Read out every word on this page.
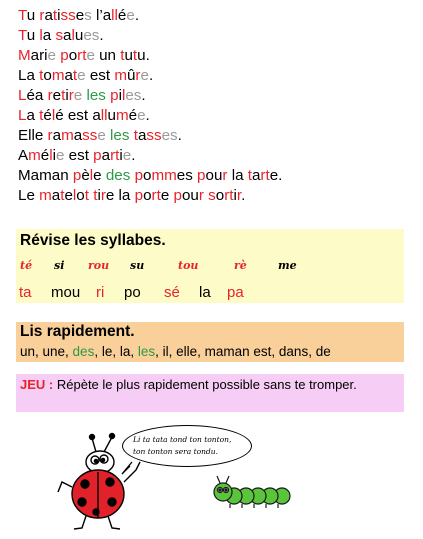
Tu ratisses l’allée.
Tu la salues.
Marie porte un tutu.
La tomate est mûre.
Léa retire les piles.
La télé est allumée.
Elle ramasse les tasses.
Amélie est partie.
Maman pèle des pommes pour la tarte.
Le matelot tire la porte pour sortir.
Révise les syllabes.
té si rou su	tou	rè	me
ta mou ri po sé la pa
Lis rapidement.
un, une, des, le, la, les, il, elle, maman est, dans, de
JEU : Répète le plus rapidement possible sans te tromper.
Li ta tata tond ton tonton,
ton tonton sera tondu.
